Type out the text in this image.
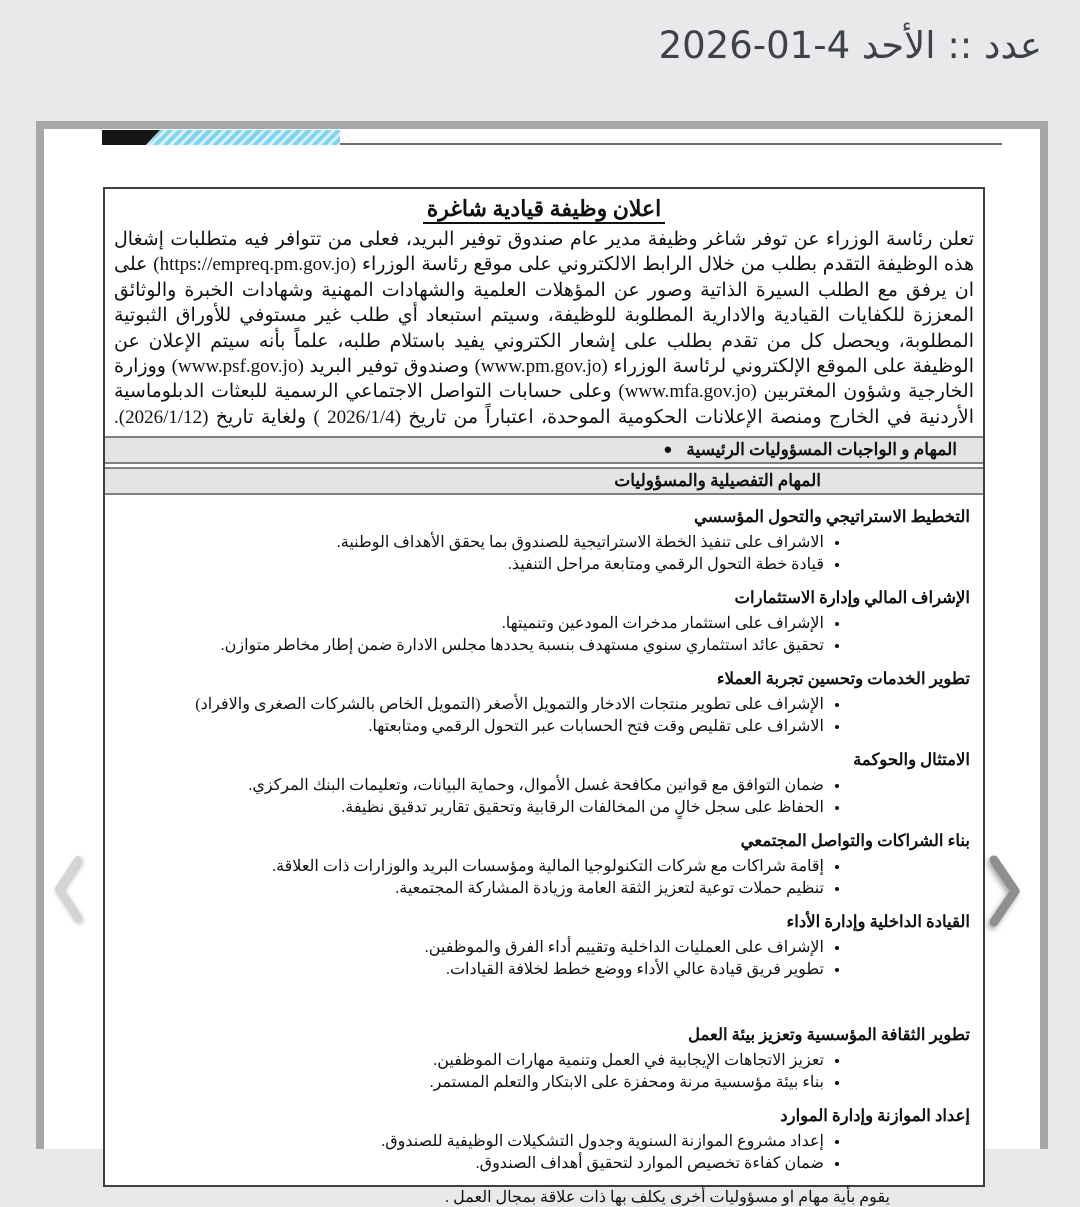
عدد :: الأحد 4-01-2026
اعلان وظيفة قيادية شاغرة

تعلن رئاسة الوزراء عن توفر شاغر وظيفة مدير عام صندوق توفير البريد، فعلى من تتوافر فيه متطلبات إشغال هذه الوظيفة التقدم بطلب من خلال الرابط الالكتروني على موقع رئاسة الوزراء (https://empreq.pm.gov.jo) على ان يرفق مع الطلب السيرة الذاتية وصور عن المؤهلات العلمية والشهادات المهنية وشهادات الخبرة والوثائق المعززة للكفايات القيادية والادارية المطلوبة للوظيفة، وسيتم استبعاد أي طلب غير مستوفي للأوراق الثبوتية المطلوبة، ويحصل كل من تقدم بطلب على إشعار الكتروني يفيد باستلام طلبه، علماً بأنه سيتم الإعلان عن الوظيفة على الموقع الإلكتروني لرئاسة الوزراء (www.pm.gov.jo) وصندوق توفير البريد (www.psf.gov.jo) ووزارة الخارجية وشؤون المغتربين (www.mfa.gov.jo) وعلى حسابات التواصل الاجتماعي الرسمية للبعثات الدبلوماسية الأردنية في الخارج ومنصة الإعلانات الحكومية الموحدة، اعتباراً من تاريخ (2026/1/4 ) ولغاية تاريخ (2026/1/12).

● المهام و الواجبات المسؤوليات الرئيسية
المهام التفصيلية والمسؤوليات
التخطيط الاستراتيجي والتحول المؤسسي
• الاشراف على تنفيذ الخطة الاستراتيجية للصندوق بما يحقق الأهداف الوطنية.
• قيادة خطة التحول الرقمي ومتابعة مراحل التنفيذ.
الإشراف المالي وإدارة الاستثمارات
• الإشراف على استثمار مدخرات المودعين وتنميتها.
• تحقيق عائد استثماري سنوي مستهدف بنسبة يحددها مجلس الادارة ضمن إطار مخاطر متوازن.
تطوير الخدمات وتحسين تجربة العملاء
• الإشراف على تطوير منتجات الادخار والتمويل الأصغر (التمويل الخاص بالشركات الصغرى والافراد)
• الاشراف على تقليص وقت فتح الحسابات عبر التحول الرقمي ومتابعتها.
الامتثال والحوكمة
• ضمان التوافق مع قوانين مكافحة غسل الأموال، وحماية البيانات، وتعليمات البنك المركزي.
• الحفاظ على سجل خالٍ من المخالفات الرقابية وتحقيق تقارير تدقيق نظيفة.
بناء الشراكات والتواصل المجتمعي
• إقامة شراكات مع شركات التكنولوجيا المالية ومؤسسات البريد والوزارات ذات العلاقة.
• تنظيم حملات توعية لتعزيز الثقة العامة وزيادة المشاركة المجتمعية.
القيادة الداخلية وإدارة الأداء
• الإشراف على العمليات الداخلية وتقييم أداء الفرق والموظفين.
• تطوير فريق قيادة عالي الأداء ووضع خطط لخلافة القيادات.
تطوير الثقافة المؤسسية وتعزيز بيئة العمل
• تعزيز الاتجاهات الإيجابية في العمل وتنمية مهارات الموظفين.
• بناء بيئة مؤسسية مرنة ومحفزة على الابتكار والتعلم المستمر.
إعداد الموازنة وإدارة الموارد
• إعداد مشروع الموازنة السنوية وجدول التشكيلات الوظيفية للصندوق.
• ضمان كفاءة تخصيص الموارد لتحقيق أهداف الصندوق.
يقوم بأية مهام او مسؤوليات أخرى يكلف بها ذات علاقة بمجال العمل .
